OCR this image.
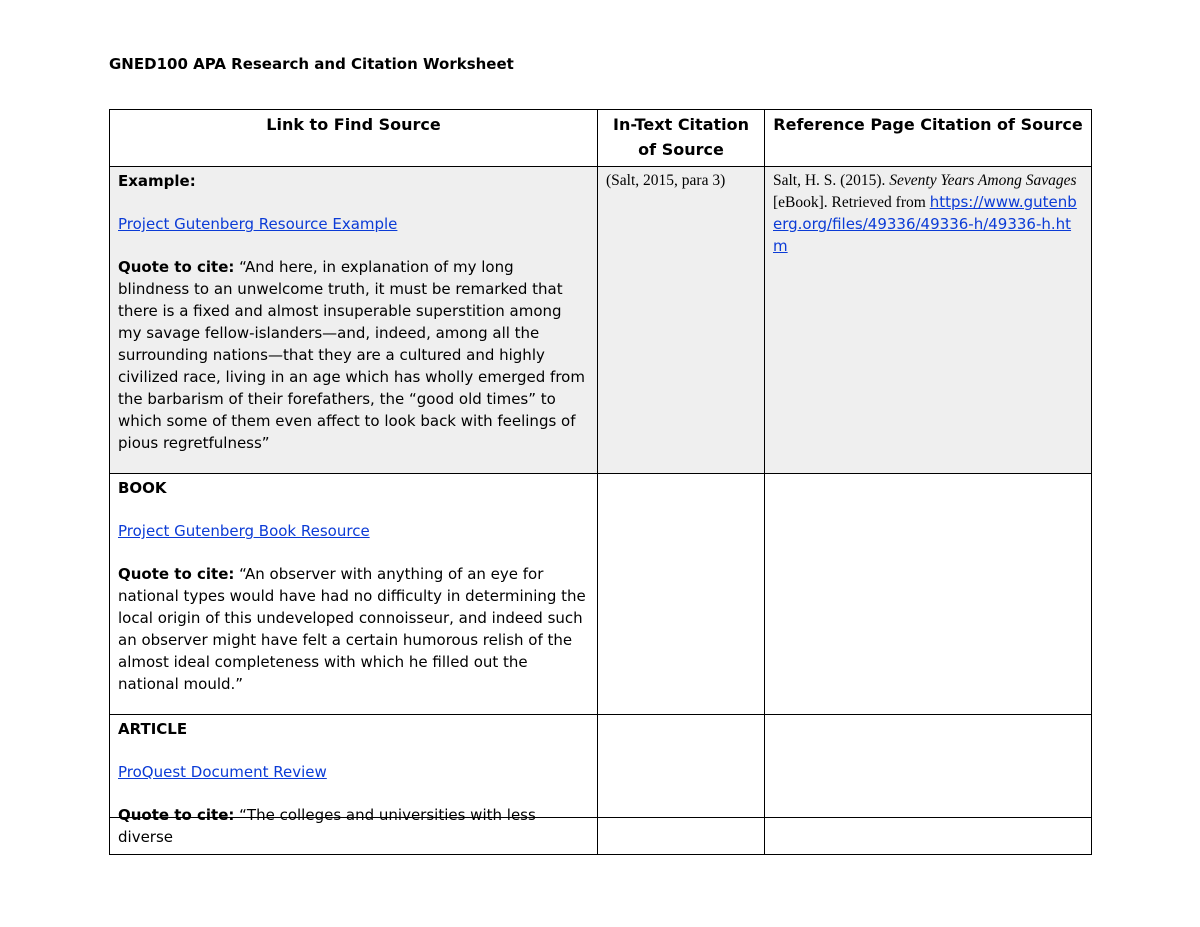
GNED100 APA Research and Citation Worksheet
Link to Find Source	In-Text Citation of Source	Reference Page Citation of Source

Example:
Project Gutenberg Resource Example
Quote to cite: “And here, in explanation of my long blindness to an unwelcome truth, it must be remarked that there is a fixed and almost insuperable superstition among my savage fellow-islanders—and, indeed, among all the surrounding nations—that they are a cultured and highly civilized race, living in an age which has wholly emerged from the barbarism of their forefathers, the “good old times” to which some of them even affect to look back with feelings of pious regretfulness”	(Salt, 2015, para 3)	Salt, H. S. (2015). Seventy Years Among Savages [eBook]. Retrieved from https://www.gutenberg.org/files/49336/49336-h/49336-h.htm

BOOK
Project Gutenberg Book Resource
Quote to cite: “An observer with anything of an eye for national types would have had no difficulty in determining the local origin of this undeveloped connoisseur, and indeed such an observer might have felt a certain humorous relish of the almost ideal completeness with which he filled out the national mould.”		

ARTICLE
ProQuest Document Review
Quote to cite: “The colleges and universities with less diverse		
